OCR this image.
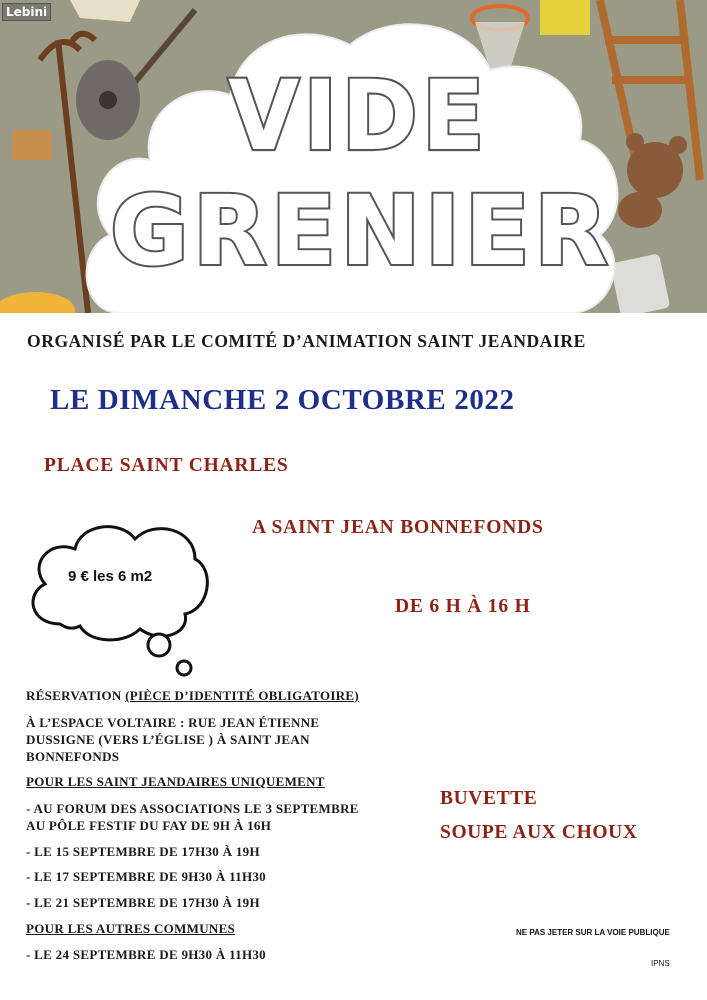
VIDE
GRENIER
Lebini
ORGANISÉ PAR LE COMITÉ D’ANIMATION SAINT JEANDAIRE
LE DIMANCHE 2 OCTOBRE 2022
PLACE SAINT CHARLES
A SAINT JEAN BONNEFONDS
DE 6 H À 16 H
9 € les 6 m2
RÉSERVATION (PIÈCE D’IDENTITÉ OBLIGATOIRE)
À L’ESPACE VOLTAIRE : RUE JEAN ÉTIENNE
DUSSIGNE (VERS L’ÉGLISE ) À SAINT JEAN
BONNEFONDS
POUR LES SAINT JEANDAIRES UNIQUEMENT
- AU FORUM DES ASSOCIATIONS LE 3 SEPTEMBRE
AU PÔLE FESTIF DU FAY DE 9H À 16H
- LE 15 SEPTEMBRE DE 17H30 À 19H
- LE 17 SEPTEMBRE DE 9H30 À 11H30
- LE 21 SEPTEMBRE DE 17H30 À 19H
POUR LES AUTRES COMMUNES
- LE 24 SEPTEMBRE DE 9H30 À 11H30
BUVETTE
SOUPE AUX CHOUX
NE PAS JETER SUR LA VOIE PUBLIQUE
IPNS
